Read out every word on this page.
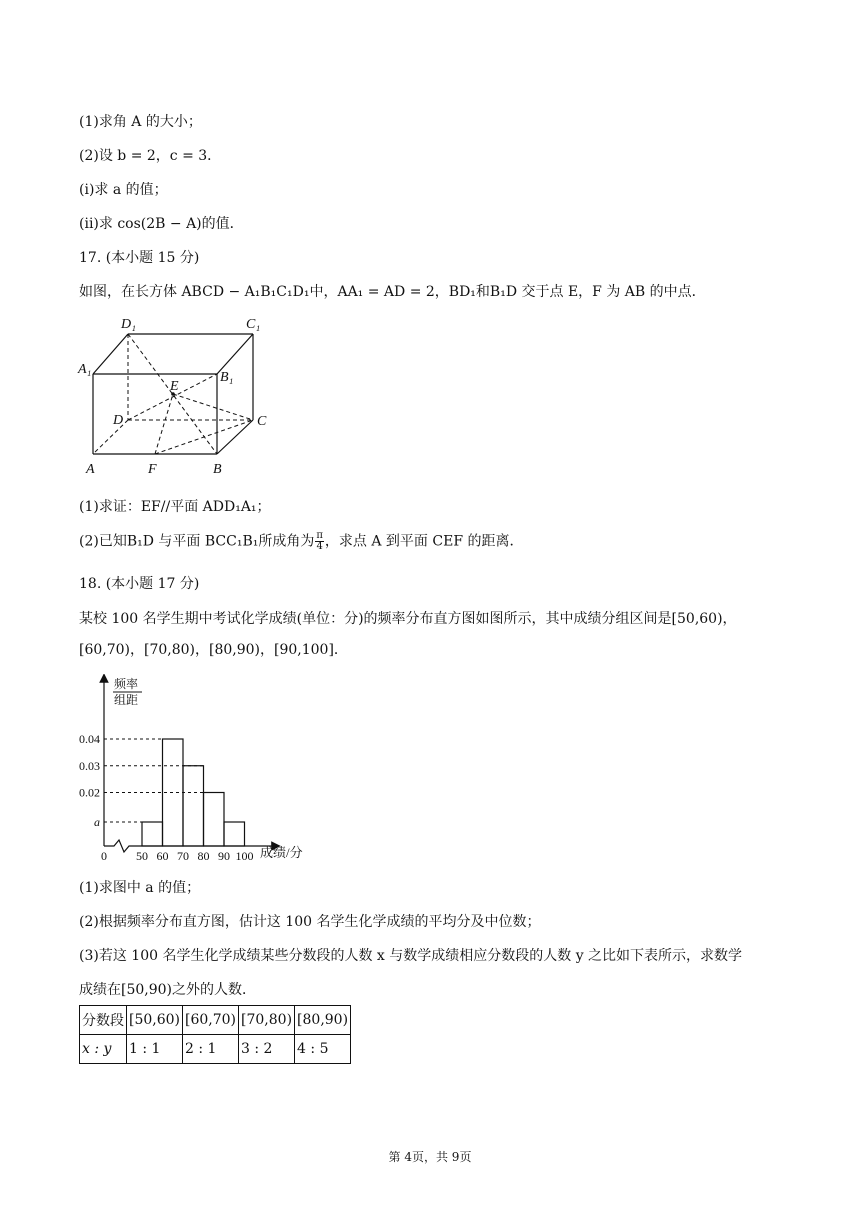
(1)求角 A 的大小；
(2)设 b = 2，c = 3．
(i)求 a 的值；
(ii)求 cos(2B − A)的值．
17. (本小题 15 分)
如图，在长方体 ABCD − A₁B₁C₁D₁中，AA₁ = AD = 2，BD₁和B₁D 交于点 E，F 为 AB 的中点．
D₁	C₁
A₁
B₁
E
D	C
A	F	B
(1)求证：EF//平面 ADD₁A₁；
(2)已知B₁D 与平面 BCC₁B₁所成角为 $\frac{\pi}{4}$ ，求点 A 到平面 CEF 的距离．
18. (本小题 17 分)
某校 100 名学生期中考试化学成绩(单位：分)的频率分布直方图如图所示，其中成绩分组区间是[50,60)，
[60,70)，[70,80)，[80,90)，[90,100]．
a
0.02
0.03
0.04
0 50 60 70 80 90 100
频率
组距
成绩/分
(1)求图中 a 的值；
(2)根据频率分布直方图，估计这 100 名学生化学成绩的平均分及中位数；
(3)若这 100 名学生化学成绩某些分数段的人数 x 与数学成绩相应分数段的人数 y 之比如下表所示，求数学
成绩在[50,90)之外的人数．
分数段	[50,60)	[60,70)	[70,80)	[80,90)
x : y	1 : 1	2 : 1	3 : 2	4 : 5
第 4页，共 9页
